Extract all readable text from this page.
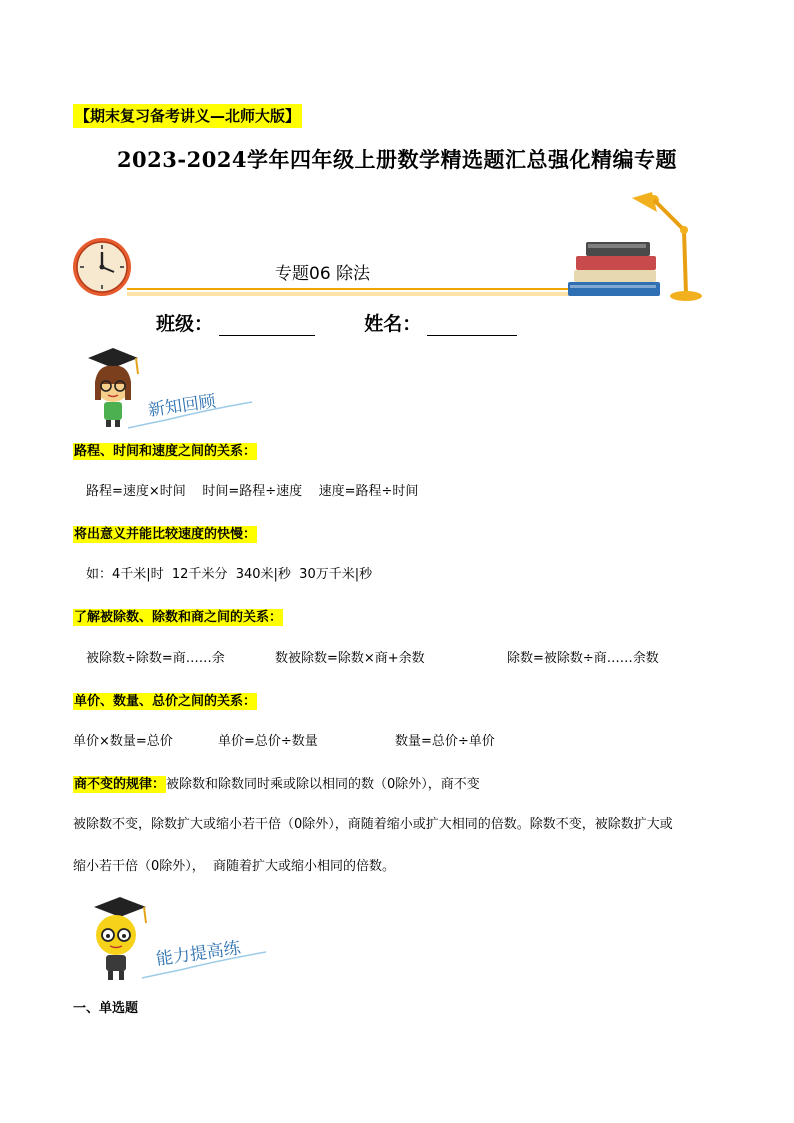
【期末复习备考讲义—北师大版】
2023-2024学年四年级上册数学精选题汇总强化精编专题
专题06 除法
班级：	姓名：
新知回顾
路程、时间和速度之间的关系：
路程=速度×时间    时间=路程÷速度    速度=路程÷时间
将出意义并能比较速度的快慢：
如：4千米|时  12千米分  340米|秒  30万千米|秒
了解被除数、除数和商之间的关系：
被除数÷除数=商……余	数被除数=除数×商+余数	除数=被除数÷商……余数
单价、数量、总价之间的关系：
单价×数量=总价	单价=总价÷数量	数量=总价÷单价
商不变的规律：被除数和除数同时乘或除以相同的数（0除外），商不变
被除数不变，除数扩大或缩小若干倍（0除外），商随着缩小或扩大相同的倍数。除数不变，被除数扩大或
缩小若干倍（0除外），  商随着扩大或缩小相同的倍数。
能力提高练
一、单选题
